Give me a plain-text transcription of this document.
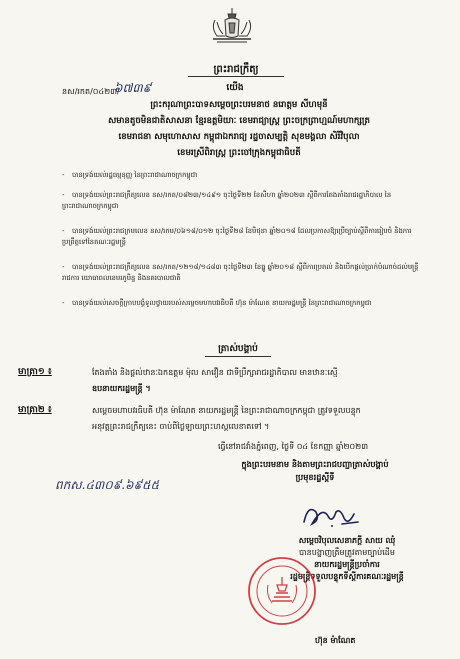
ព្រះរាជក្រឹត្យ
យើង
នស/រកត/០៤២៣/
៦៧៣៩
ព្រះករុណាព្រះបាទសម្តេចព្រះបរមនាថ នរោត្តម សីហមុនី
សមានតូចមិនជាតិសាសនា ខ្មែរឧត្តមិយាៈ ខេមរាជ្យាស្រ្ត ព្រះចក្រព្រាហ្មណ៍មហាក្សត្រ
ខេមរាជនា សមុហោសាស កម្ពុជាឯករាជ្យ រដ្ឋចាសម្បត្តិ សុខមង្គលា សិរីវិបុលា
ខេមរស្រីពិរាស្រ្ត ព្រះចៅក្រុងកម្ពុជាធិបតី
- បានទ្រង់យល់រដ្ឋធម្មនុញ្ញ នៃព្រះរាជាណាចក្រកម្ពុជា
- បានទ្រង់យល់ព្រះរាជក្រឹត្យលេខ នស/រកត/០៨២៣/១៤៩១ ចុះថ្ងៃទី២២ ខែសីហា ឆ្នាំ២០២៣ ស្តីពីការតែងតាំងរាជរដ្ឋាភិបាល នៃព្រះរាជាណាចក្រកម្ពុជា
- បានទ្រង់យល់ព្រះរាជក្រមលេខ នស/រកម/០៦១៨/០១២ ចុះថ្ងៃទី២៨ ខែមិថុនា ឆ្នាំ២០១៨ ដែលប្រកាសឱ្យប្រើច្បាប់ស្តីពីការរៀបចំ និងការប្រព្រឹត្តទៅនៃគណៈរដ្ឋមន្ត្រី
- បានទ្រង់យល់ព្រះរាជក្រឹត្យលេខ នស/រកត/១២១៨/១៤៨៣ ចុះថ្ងៃទី២៣ ខែធ្នូ ឆ្នាំ២០១៨ ស្តីពីការប្រគល់ និងបើកផ្តល់ប្រាក់បំណាច់ដល់មន្ត្រីរាជការ យោធាពលខេមរភូមិន្ទ និងនគរបាលជាតិ
- បានទ្រង់យល់សេចក្តីក្រាបបង្គំទូលថ្វាយរបស់សម្តេចមហាបវរធិបតី ហ៊ុន ម៉ាណែត នាយករដ្ឋមន្ត្រី នៃព្រះរាជាណាចក្រកម្ពុជា
ត្រាស់បង្គាប់
មាត្រា១ ៖	តែងតាំង និងផ្តល់ឋានៈឯកឧត្តម ម៉ុល សាវឿន ជាទីប្រឹក្សារាជរដ្ឋាភិបាល មានឋានៈស្មើ
ឧបនាយករដ្ឋមន្ត្រី ។
មាត្រា២ ៖	សម្តេចមហាបវរធិបតី ហ៊ុន ម៉ាណែត នាយករដ្ឋមន្ត្រី នៃព្រះរាជាណាចក្រកម្ពុជា ត្រូវទទួលបន្ទុក
អនុវត្តព្រះរាជក្រឹត្យនេះ ចាប់ពីថ្ងៃឡាយព្រះហស្តលេខាតទៅ ។
ធ្វើនៅរាជវាំងភ្នំពេញ, ថ្ងៃទី ០៤ ខែកញ្ញា ឆ្នាំ២០២៣
ក្នុងព្រះបរមនាម និងតាមព្រះរាជបញ្ជាត្រាស់បង្គាប់
ប្រមុខរដ្ឋស្តីទី
ពកស.៤៣០៩.៦៩៥៥
សម្តេចវិបុលសេនាភក្តី សាយ ឈុំ
បានបង្ហាញត្រឹមត្រូវតាមច្បាប់ដើម
នាយករដ្ឋមន្ត្រីប្រចាំការ
រដ្ឋមន្ត្រីទទួលបន្ទុកទីស្តីការគណៈរដ្ឋមន្ត្រី
ហ៊ុន ម៉ាណែត
